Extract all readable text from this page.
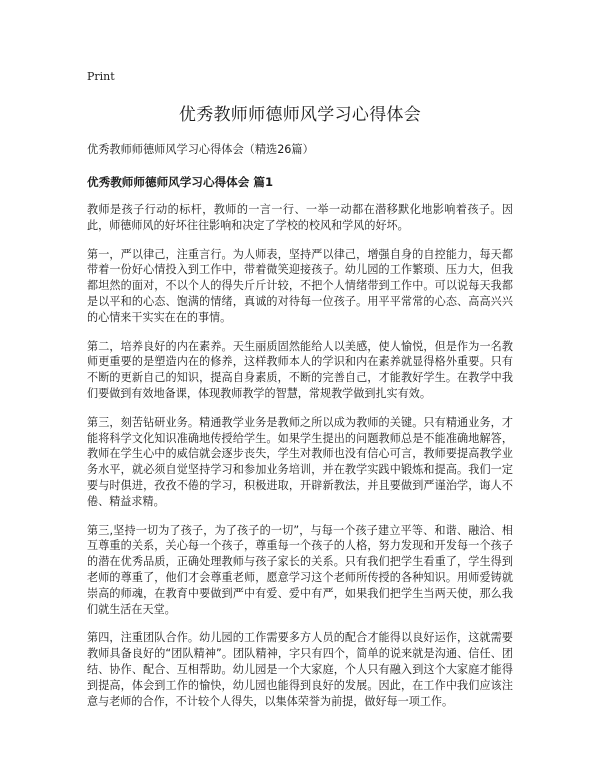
Print
优秀教师师德师风学习心得体会

优秀教师师德师风学习心得体会（精选26篇）

优秀教师师德师风学习心得体会 篇1

教师是孩子行动的标杆，教师的一言一行、一举一动都在潜移默化地影响着孩子。因此，师德师风的好坏往往影响和决定了学校的校风和学风的好坏。

第一，严以律己，注重言行。为人师表，坚持严以律己，增强自身的自控能力，每天都带着一份好心情投入到工作中，带着微笑迎接孩子。幼儿园的工作繁琐、压力大，但我都坦然的面对，不以个人的得失斤斤计较，不把个人情绪带到工作中。可以说每天我都是以平和的心态、饱满的情绪，真诚的对待每一位孩子。用平平常常的心态、高高兴兴的心情来干实实在在的事情。

第二，培养良好的内在素养。天生丽质固然能给人以美感，使人愉悦，但是作为一名教师更重要的是塑造内在的修养，这样教师本人的学识和内在素养就显得格外重要。只有不断的更新自己的知识，提高自身素质，不断的完善自己，才能教好学生。在教学中我们要做到有效地备课，体现教师教学的智慧，常规教学做到扎实有效。

第三，刻苦钻研业务。精通教学业务是教师之所以成为教师的关键。只有精通业务，才能将科学文化知识准确地传授给学生。如果学生提出的问题教师总是不能准确地解答，教师在学生心中的威信就会逐步丧失，学生对教师也没有信心可言，教师要提高教学业务水平，就必须自觉坚持学习和参加业务培训，并在教学实践中锻炼和提高。我们一定要与时俱进，孜孜不倦的学习，积极进取，开辟新教法，并且要做到严谨治学，诲人不倦、精益求精。

第三,坚持一切为了孩子，为了孩子的一切”，与每一个孩子建立平等、和谐、融洽、相互尊重的关系，关心每一个孩子，尊重每一个孩子的人格，努力发现和开发每一个孩子的潜在优秀品质，正确处理教师与孩子家长的关系。只有我们把学生看重了，学生得到老师的尊重了，他们才会尊重老师，愿意学习这个老师所传授的各种知识。用师爱铸就崇高的师魂，在教育中要做到严中有爱、爱中有严，如果我们把学生当两天使，那么我们就生活在天堂。

第四，注重团队合作。幼儿园的工作需要多方人员的配合才能得以良好运作，这就需要教师具备良好的“团队精神”。团队精神，字只有四个，简单的说来就是沟通、信任、团结、协作、配合、互相帮助。幼儿园是一个大家庭，个人只有融入到这个大家庭才能得到提高，体会到工作的愉快，幼儿园也能得到良好的发展。因此，在工作中我们应该注意与老师的合作，不计较个人得失，以集体荣誉为前提，做好每一项工作。
